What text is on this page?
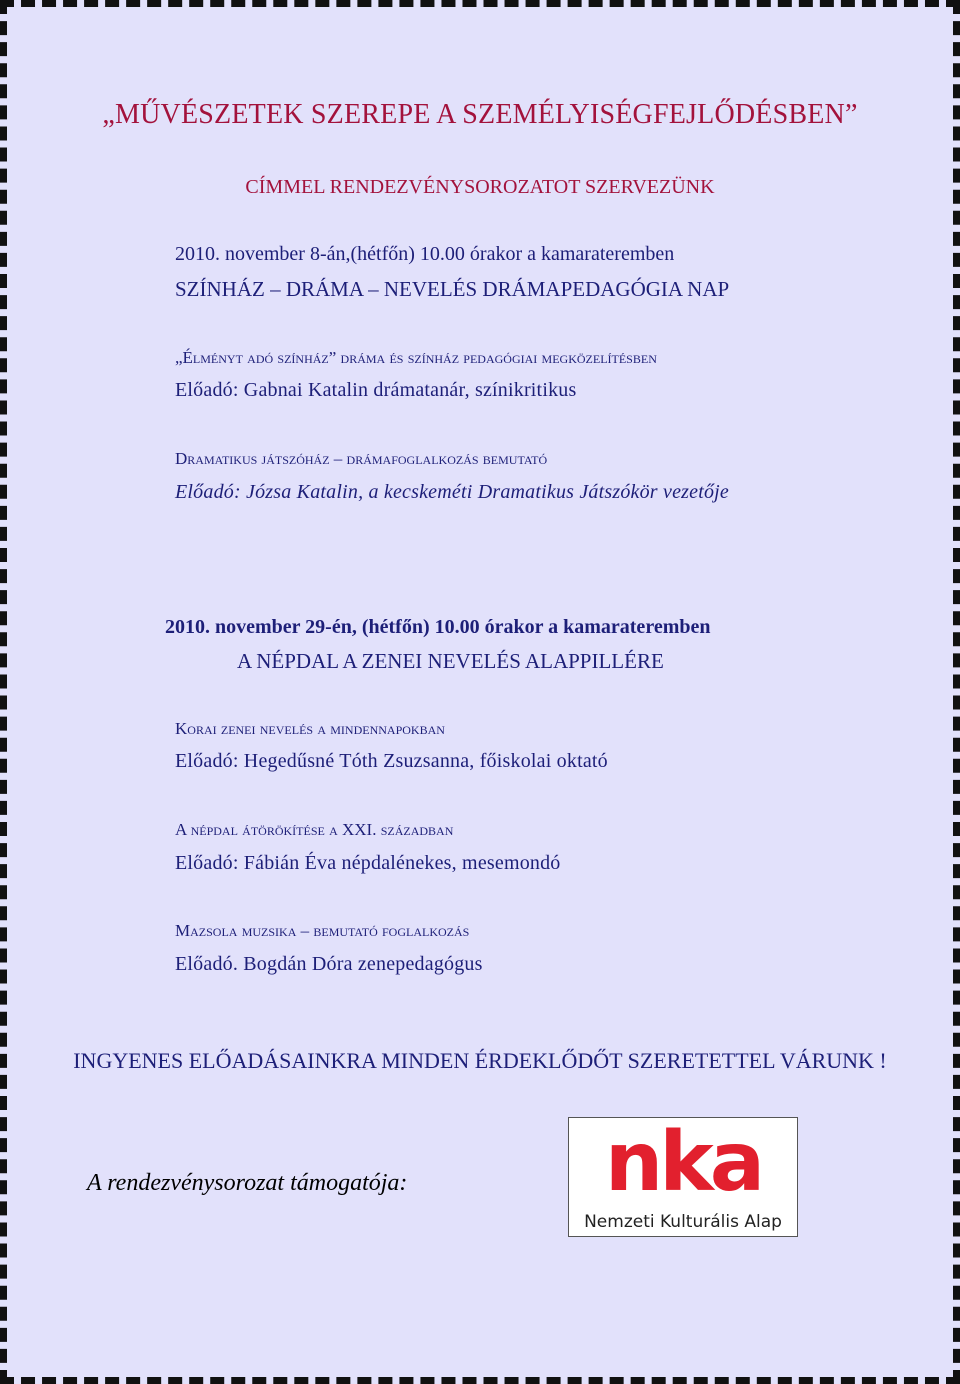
„MŰVÉSZETEK SZEREPE A SZEMÉLYISÉGFEJLŐDÉSBEN”

CÍMMEL RENDEZVÉNYSOROZATOT SZERVEZÜNK

2010. november 8-án,(hétfőn) 10.00 órakor a kamarateremben

SZÍNHÁZ – DRÁMA – NEVELÉS DRÁMAPEDAGÓGIA NAP

„Élményt adó színház” dráma és színház pedagógiai megközelítésben

Előadó: Gabnai Katalin drámatanár, színikritikus

Dramatikus játszóház – drámafoglalkozás bemutató

Előadó: Józsa Katalin, a kecskeméti Dramatikus Játszókör vezetője

2010. november 29-én, (hétfőn) 10.00 órakor a kamarateremben

A NÉPDAL A ZENEI NEVELÉS ALAPPILLÉRE

Korai zenei nevelés a mindennapokban

Előadó: Hegedűsné Tóth Zsuzsanna, főiskolai oktató

A népdal átörökítése a XXI. században

Előadó: Fábián Éva népdalénekes, mesemondó

Mazsola muzsika – bemutató foglalkozás

Előadó. Bogdán Dóra zenepedagógus

INGYENES ELŐADÁSAINKRA MINDEN ÉRDEKLŐDŐT SZERETETTEL VÁRUNK !

A rendezvénysorozat támogatója:	nka
Nemzeti Kulturális Alap
